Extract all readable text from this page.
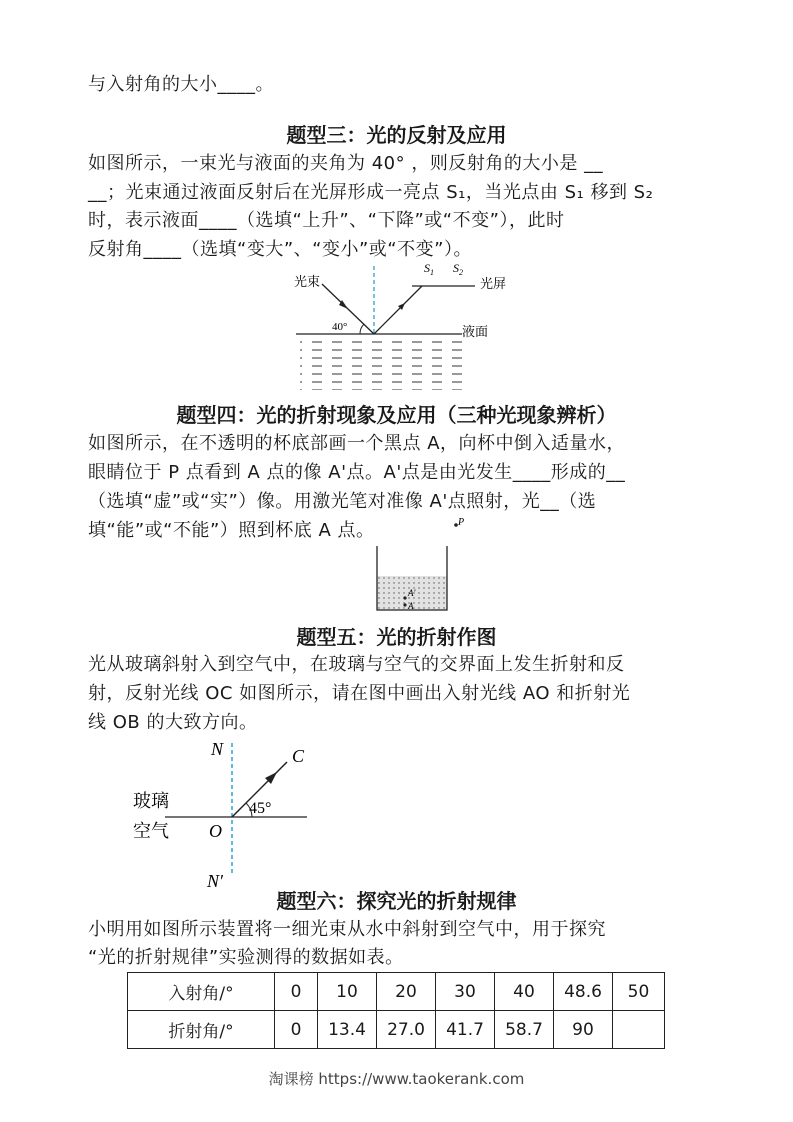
与入射角的大小____。
题型三：光的反射及应用
如图所示，一束光与液面的夹角为 40° ，则反射角的大小是 __
__；光束通过液面反射后在光屏形成一亮点 S₁，当光点由 S₁ 移到 S₂
时，表示液面____（选填“上升”、“下降”或“不变”），此时
反射角____（选填“变大”、“变小”或“不变”）。
光束
$S_1$ $S_2$
光屏
40°	液面
题型四：光的折射现象及应用（三种光现象辨析）
如图所示，在不透明的杯底部画一个黑点 A，向杯中倒入适量水，
眼睛位于 P 点看到 A 点的像 A'点。A'点是由光发生____形成的__
（选填“虚”或“实”）像。用激光笔对准像 A'点照射，光__（选
填“能”或“不能”）照到杯底 A 点。	P
A'
A
题型五：光的折射作图
光从玻璃斜射入到空气中，在玻璃与空气的交界面上发生折射和反
射，反射光线 OC 如图所示，请在图中画出入射光线 AO 和折射光
线 OB 的大致方向。
N	C
玻璃	45°
O
空气
N′
题型六：探究光的折射规律
小明用如图所示装置将一细光束从水中斜射到空气中，用于探究
“光的折射规律”实验测得的数据如表。
入射角/°	0	10	20	30	40	48.6	50
折射角/°	0	13.4	27.0	41.7	58.7	90	
淘课榜 https://www.taokerank.com
